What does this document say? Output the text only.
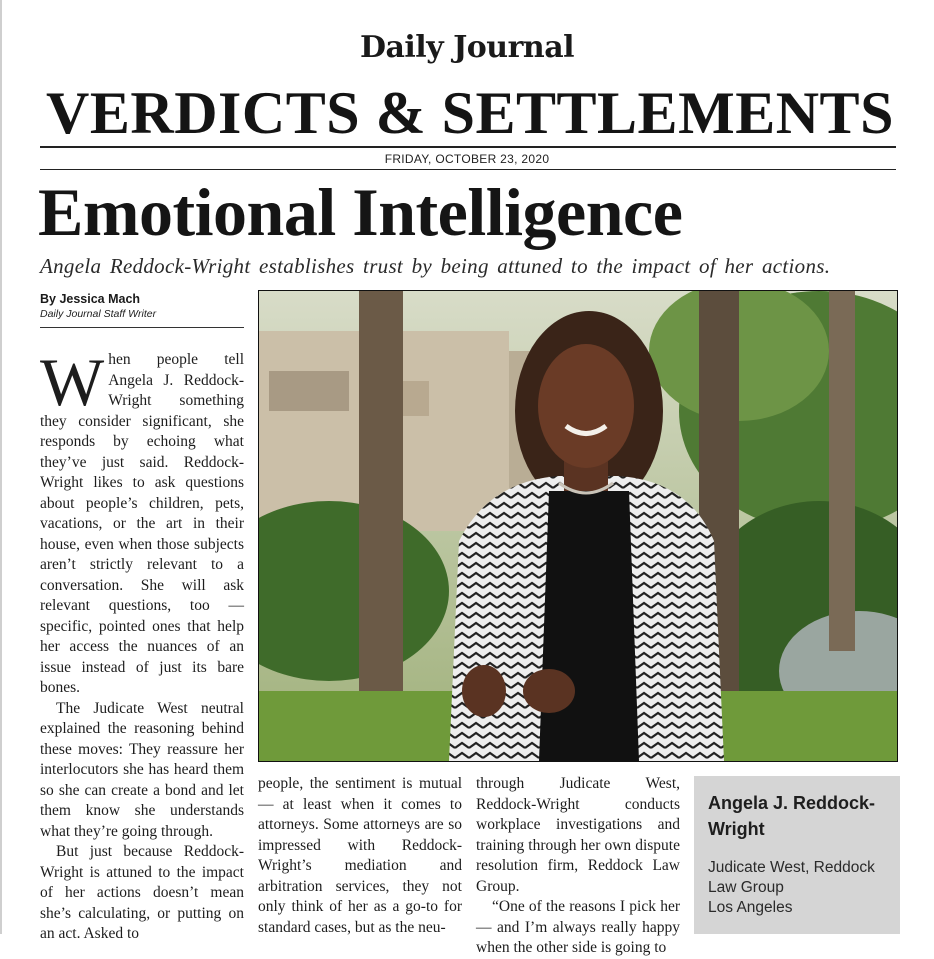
Daily Journal
VERDICTS & SETTLEMENTS
FRIDAY, OCTOBER 23, 2020
Emotional Intelligence
Angela Reddock-Wright establishes trust by being attuned to the impact of her actions.
By Jessica Mach
Daily Journal Staff Writer

When people tell Angela J. Reddock-Wright something they consider significant, she responds by echoing what they’ve just said. Reddock-Wright likes to ask questions about people’s children, pets, vacations, or the art in their house, even when those subjects aren’t strictly relevant to a conversation. She will ask relevant questions, too — specific, pointed ones that help her access the nuances of an issue instead of just its bare bones.

The Judicate West neutral explained the reasoning behind these moves: They reassure her interlocutors she has heard them so she can create a bond and let them know she understands what they’re going through.

But just because Reddock-Wright is attuned to the impact of her actions doesn’t mean she’s calculating, or putting on an act. Asked to

people, the sentiment is mutual — at least when it comes to attorneys. Some attorneys are so impressed with Reddock-Wright’s mediation and arbitration services, they not only think of her as a go-to for standard cases, but as the neu-

through Judicate West, Reddock-Wright conducts workplace investigations and training through her own dispute resolution firm, Reddock Law Group.

“One of the reasons I pick her — and I’m always really happy when the other side is going to

Angela J. Reddock-Wright
Judicate West, Reddock Law Group
Los Angeles
